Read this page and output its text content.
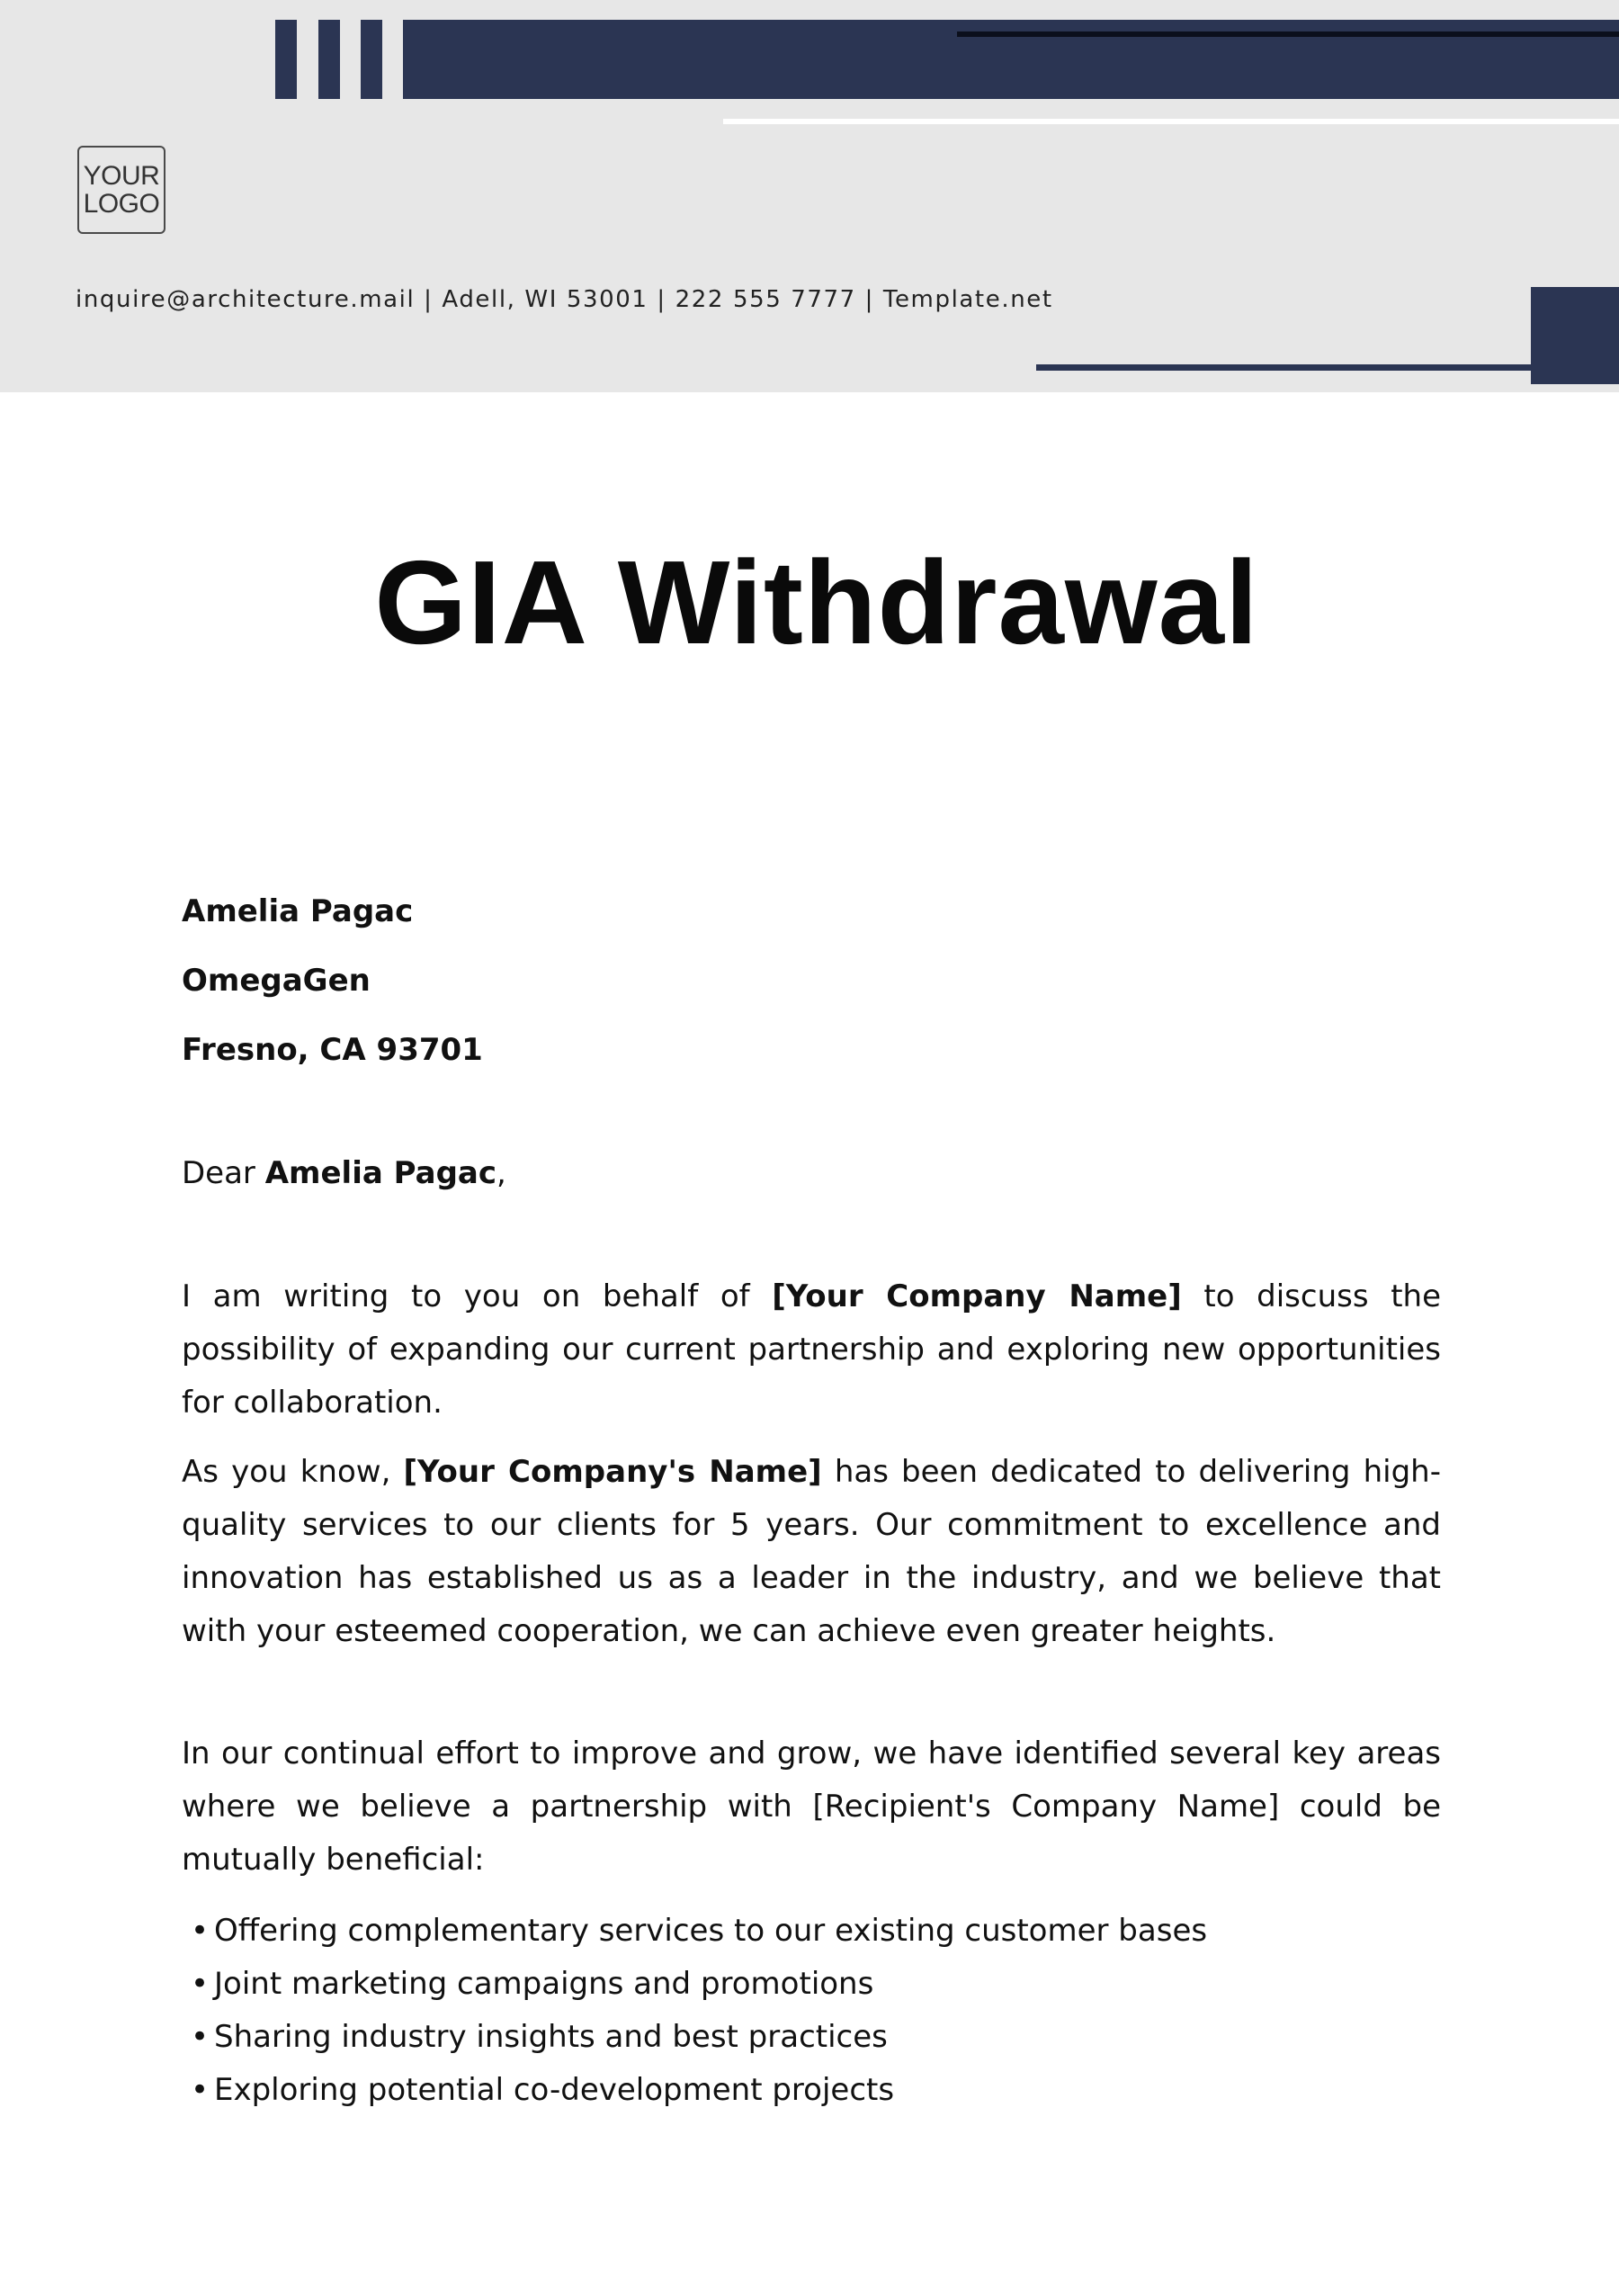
YOUR
LOGO
inquire@architecture.mail | Adell, WI 53001 | 222 555 7777 | Template.net
GIA Withdrawal

Amelia Pagac

OmegaGen

Fresno, CA 93701

Dear Amelia Pagac,

I am writing to you on behalf of [Your Company Name] to discuss the possibility of expanding our current partnership and exploring new opportunities for collaboration.

As you know, [Your Company's Name] has been dedicated to delivering high-quality services to our clients for 5 years. Our commitment to excellence and innovation has established us as a leader in the industry, and we believe that with your esteemed cooperation, we can achieve even greater heights.

In our continual effort to improve and grow, we have identified several key areas where we believe a partnership with [Recipient's Company Name] could be mutually beneficial:

• Offering complementary services to our existing customer bases
• Joint marketing campaigns and promotions
• Sharing industry insights and best practices
• Exploring potential co-development projects
